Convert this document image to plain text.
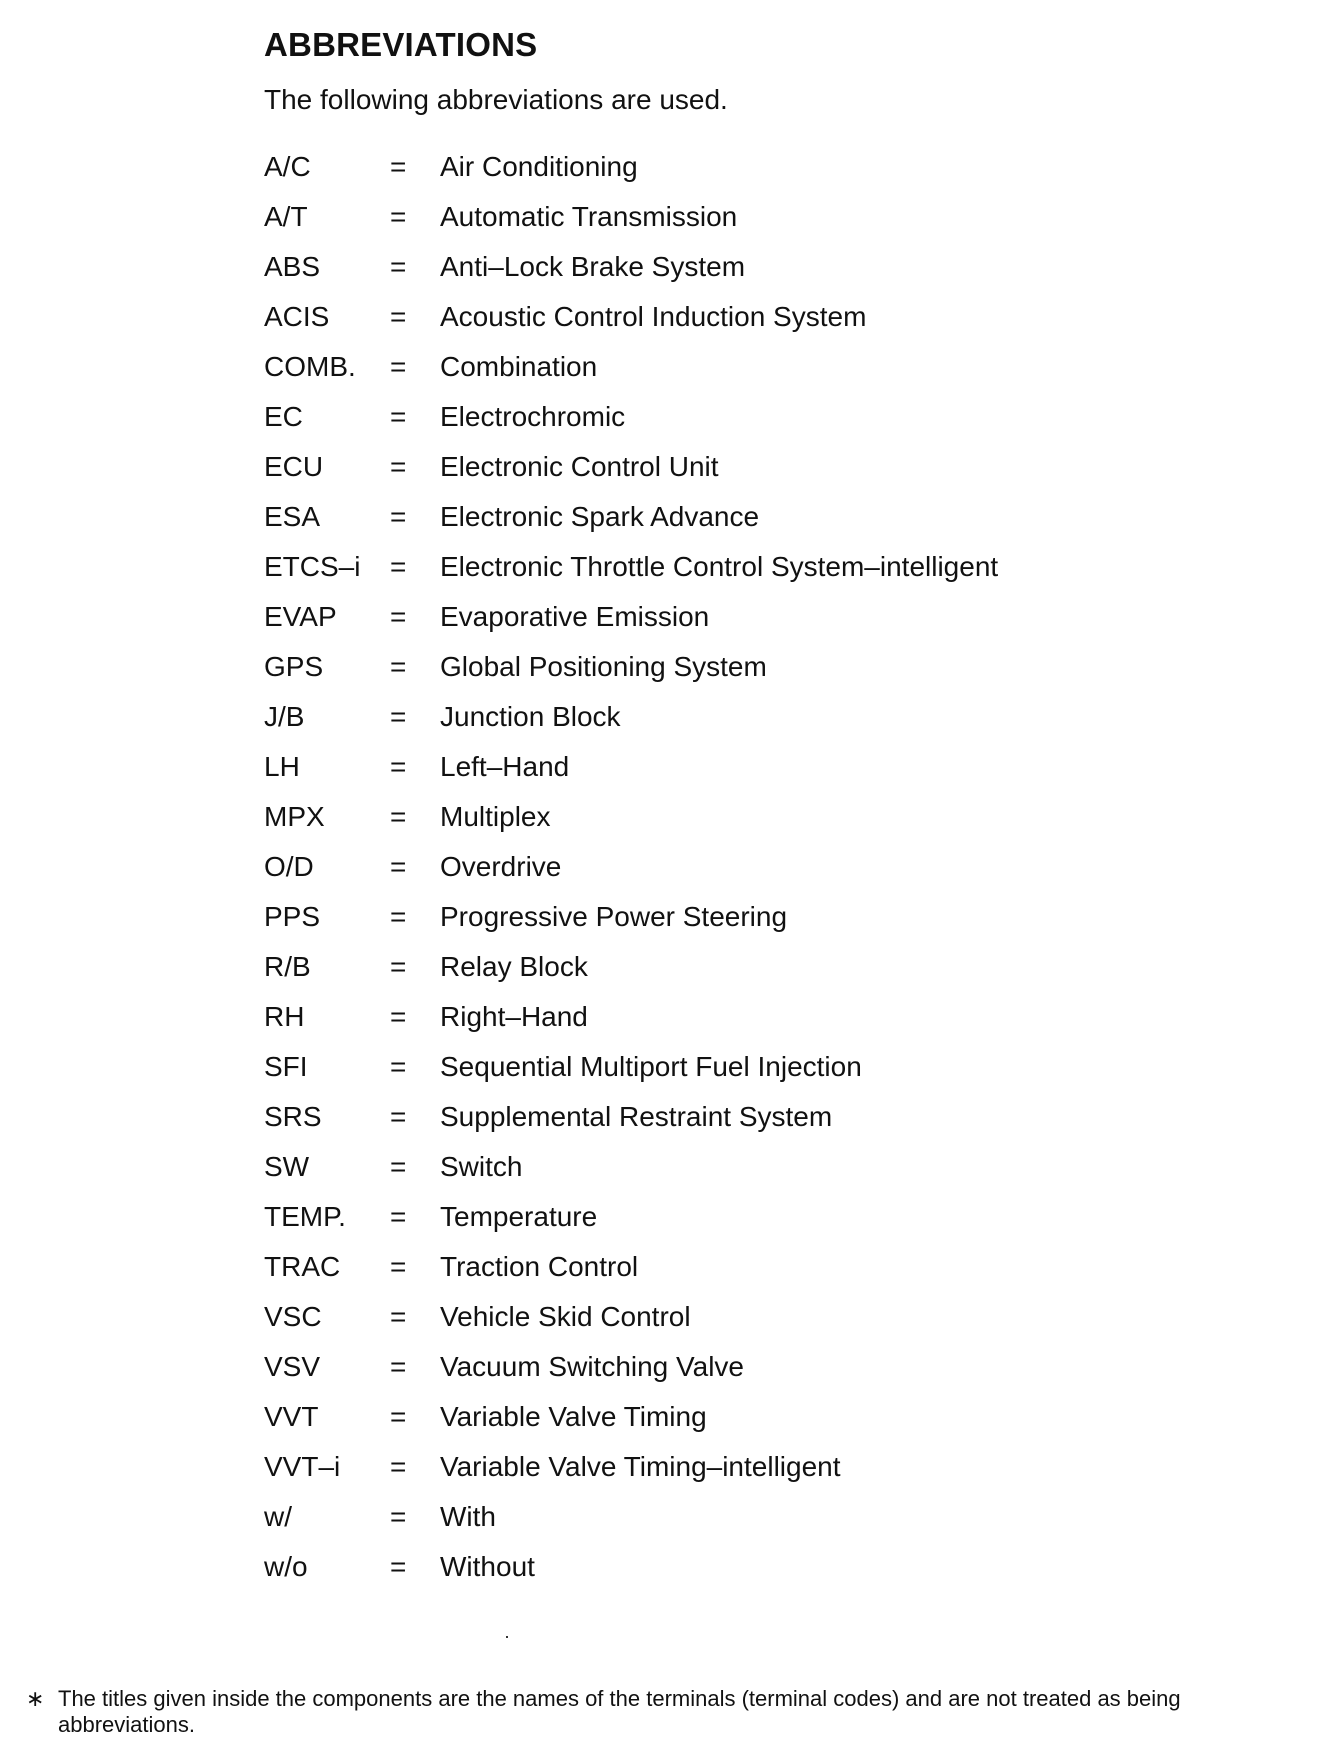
ABBREVIATIONS

The following abbreviations are used.

A/C	= Air Conditioning
A/T	= Automatic Transmission
ABS = Anti–Lock Brake System
ACIS = Acoustic Control Induction System
COMB. = Combination
EC	= Electrochromic
ECU = Electronic Control Unit
ESA = Electronic Spark Advance
ETCS–i = Electronic Throttle Control System–intelligent
EVAP = Evaporative Emission
GPS = Global Positioning System
J/B	= Junction Block
LH	= Left–Hand
MPX = Multiplex
O/D	= Overdrive
PPS = Progressive Power Steering
R/B	= Relay Block
RH	= Right–Hand
SFI	= Sequential Multiport Fuel Injection
SRS = Supplemental Restraint System
SW	= Switch
TEMP. = Temperature
TRAC = Traction Control
VSC = Vehicle Skid Control
VSV = Vacuum Switching Valve
VVT	= Variable Valve Timing
VVT–i = Variable Valve Timing–intelligent
w/	= With
w/o	= Without
∗ The titles given inside the components are the names of the terminals (terminal codes) and are not treated as being abbreviations.
